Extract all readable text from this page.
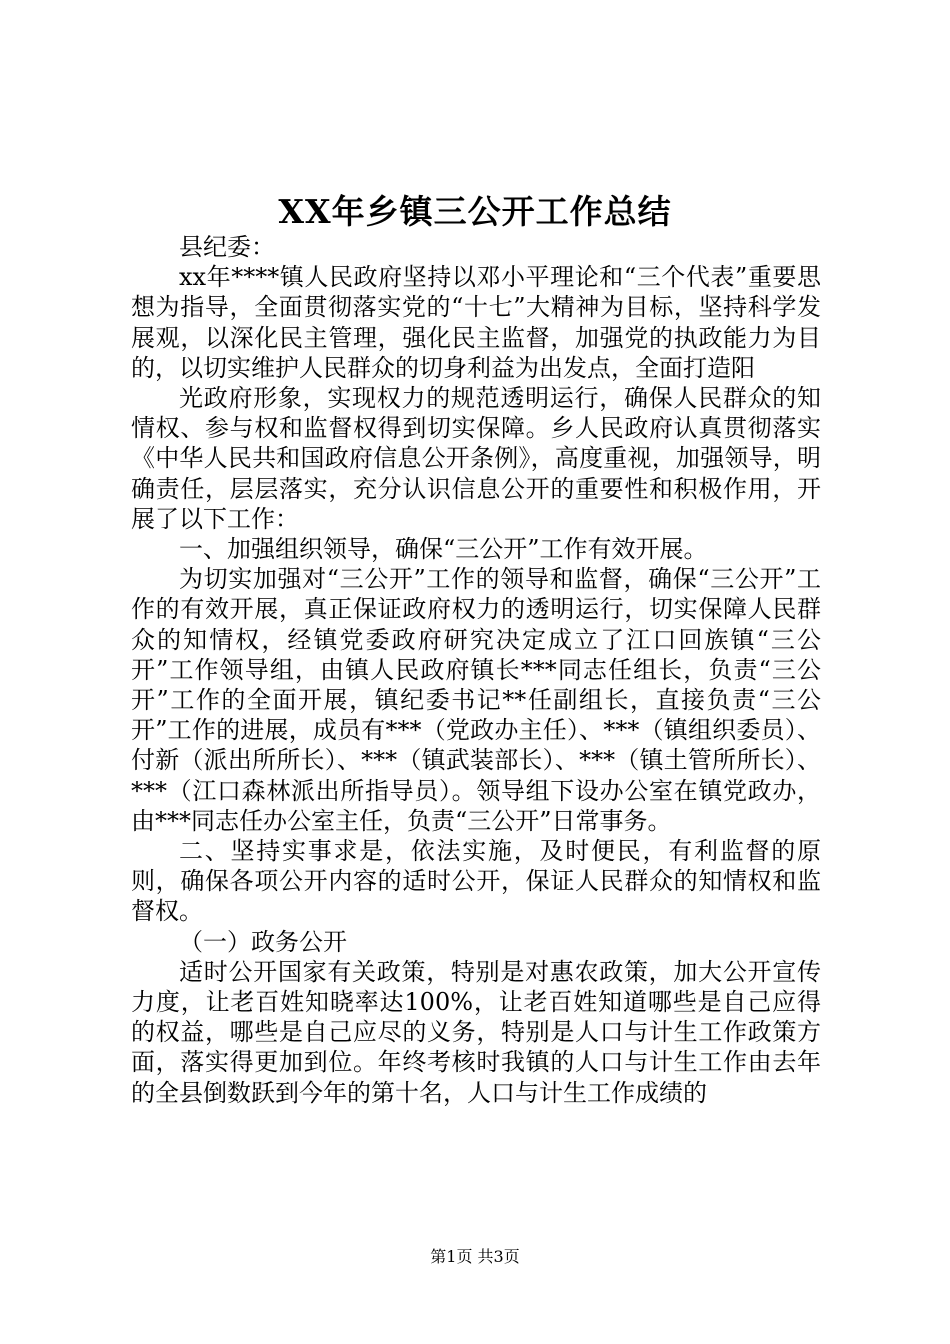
XX年乡镇三公开工作总结

县纪委：

xx年****镇人民政府坚持以邓小平理论和“三个代表”重要思想为指导，全面贯彻落实党的“十七”大精神为目标，坚持科学发展观，以深化民主管理，强化民主监督，加强党的执政能力为目的，以切实维护人民群众的切身利益为出发点，全面打造阳

光政府形象，实现权力的规范透明运行，确保人民群众的知情权、参与权和监督权得到切实保障。乡人民政府认真贯彻落实《中华人民共和国政府信息公开条例》，高度重视，加强领导，明确责任，层层落实，充分认识信息公开的重要性和积极作用，开展了以下工作：

一、加强组织领导，确保“三公开”工作有效开展。

为切实加强对“三公开”工作的领导和监督，确保“三公开”工作的有效开展，真正保证政府权力的透明运行，切实保障人民群众的知情权，经镇党委政府研究决定成立了江口回族镇“三公开”工作领导组，由镇人民政府镇长***同志任组长，负责“三公开”工作的全面开展，镇纪委书记**任副组长，直接负责“三公开”工作的进展，成员有***（党政办主任）、***（镇组织委员）、付新（派出所所长）、***（镇武装部长）、***（镇土管所所长）、***（江口森林派出所指导员）。领导组下设办公室在镇党政办，由***同志任办公室主任，负责“三公开”日常事务。

二、坚持实事求是，依法实施，及时便民，有利监督的原则，确保各项公开内容的适时公开，保证人民群众的知情权和监督权。

（一）政务公开

适时公开国家有关政策，特别是对惠农政策，加大公开宣传力度，让老百姓知晓率达100%，让老百姓知道哪些是自己应得的权益，哪些是自己应尽的义务，特别是人口与计生工作政策方面，落实得更加到位。年终考核时我镇的人口与计生工作由去年的全县倒数跃到今年的第十名，人口与计生工作成绩的

第1页 共3页
